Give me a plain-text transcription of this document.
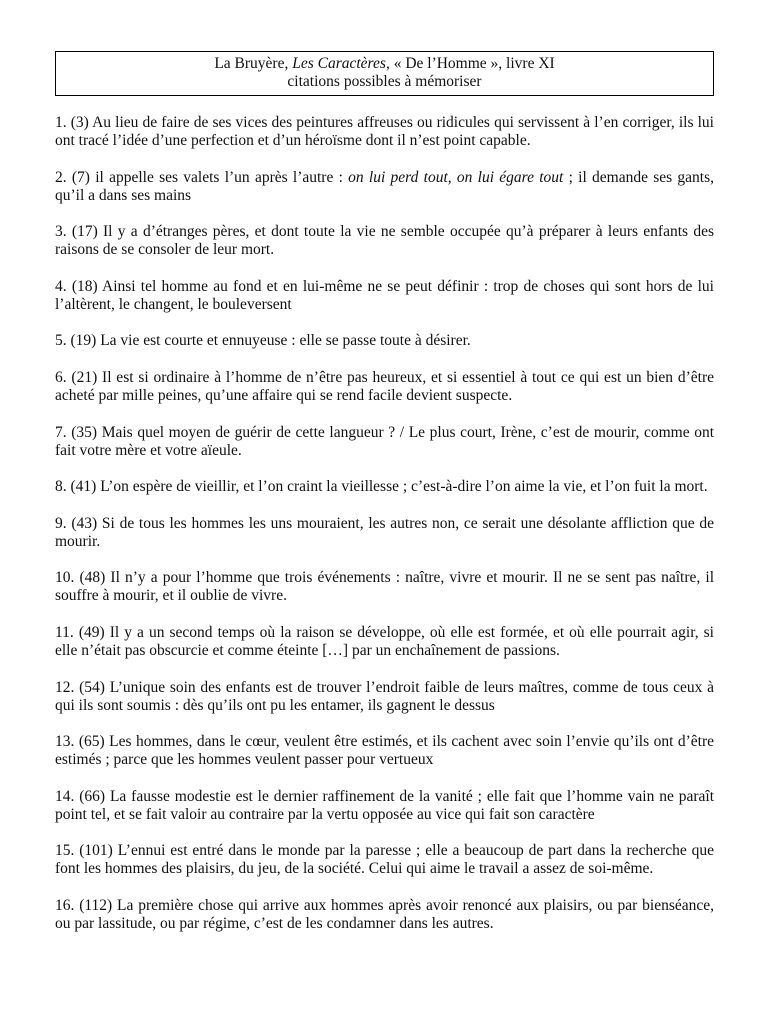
La Bruyère, Les Caractères, « De l’Homme », livre XI
citations possibles à mémoriser

1. (3) Au lieu de faire de ses vices des peintures affreuses ou ridicules qui servissent à l’en corriger, ils lui ont tracé l’idée d’une perfection et d’un héroïsme dont il n’est point capable.

2. (7) il appelle ses valets l’un après l’autre : on lui perd tout, on lui égare tout ; il demande ses gants, qu’il a dans ses mains

3. (17) Il y a d’étranges pères, et dont toute la vie ne semble occupée qu’à préparer à leurs enfants des raisons de se consoler de leur mort.

4. (18) Ainsi tel homme au fond et en lui-même ne se peut définir : trop de choses qui sont hors de lui l’altèrent, le changent, le bouleversent

5. (19) La vie est courte et ennuyeuse : elle se passe toute à désirer.

6. (21) Il est si ordinaire à l’homme de n’être pas heureux, et si essentiel à tout ce qui est un bien d’être acheté par mille peines, qu’une affaire qui se rend facile devient suspecte.

7. (35) Mais quel moyen de guérir de cette langueur ? / Le plus court, Irène, c’est de mourir, comme ont fait votre mère et votre aïeule.

8. (41) L’on espère de vieillir, et l’on craint la vieillesse ; c’est-à-dire l’on aime la vie, et l’on fuit la mort.

9. (43) Si de tous les hommes les uns mouraient, les autres non, ce serait une désolante affliction que de mourir.

10. (48) Il n’y a pour l’homme que trois événements : naître, vivre et mourir. Il ne se sent pas naître, il souffre à mourir, et il oublie de vivre.

11. (49) Il y a un second temps où la raison se développe, où elle est formée, et où elle pourrait agir, si elle n’était pas obscurcie et comme éteinte […] par un enchaînement de passions.

12. (54) L’unique soin des enfants est de trouver l’endroit faible de leurs maîtres, comme de tous ceux à qui ils sont soumis : dès qu’ils ont pu les entamer, ils gagnent le dessus

13. (65) Les hommes, dans le cœur, veulent être estimés, et ils cachent avec soin l’envie qu’ils ont d’être estimés ; parce que les hommes veulent passer pour vertueux

14. (66) La fausse modestie est le dernier raffinement de la vanité ; elle fait que l’homme vain ne paraît point tel, et se fait valoir au contraire par la vertu opposée au vice qui fait son caractère

15. (101) L’ennui est entré dans le monde par la paresse ; elle a beaucoup de part dans la recherche que font les hommes des plaisirs, du jeu, de la société. Celui qui aime le travail a assez de soi-même.

16. (112) La première chose qui arrive aux hommes après avoir renoncé aux plaisirs, ou par bienséance, ou par lassitude, ou par régime, c’est de les condamner dans les autres.
